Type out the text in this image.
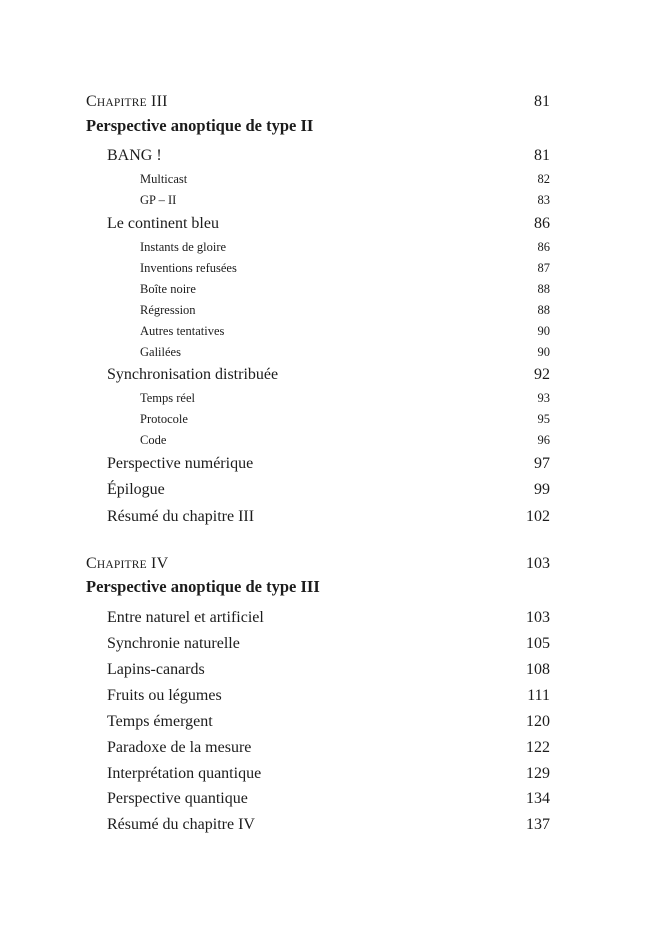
CHAPITRE III	81
Perspective anoptique de type II
BANG !	81
Multicast	82
GP – II	83
Le continent bleu	86
Instants de gloire	86
Inventions refusées	87
Boîte noire	88
Régression	88
Autres tentatives	90
Galilées	90
Synchronisation distribuée	92
Temps réel	93
Protocole	95
Code	96
Perspective numérique	97
Épilogue	99
Résumé du chapitre III	102
CHAPITRE IV	103
Perspective anoptique de type III
Entre naturel et artificiel	103
Synchronie naturelle	105
Lapins-canards	108
Fruits ou légumes	111
Temps émergent	120
Paradoxe de la mesure	122
Interprétation quantique	129
Perspective quantique	134
Résumé du chapitre IV	137
